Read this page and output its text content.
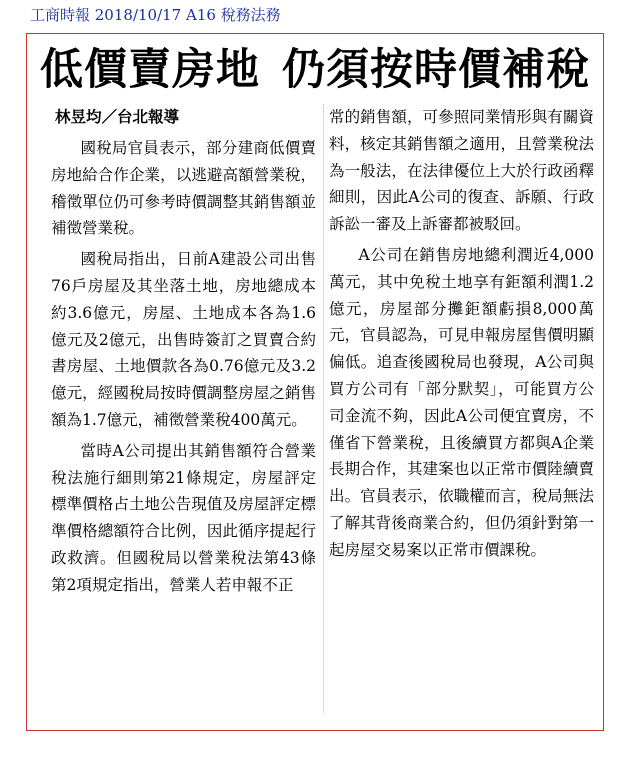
工商時報 2018/10/17 A16 稅務法務
低價賣房地 仍須按時價補稅
林昱均／台北報導

國稅局官員表示，部分建商低價賣房地給合作企業，以逃避高額營業稅，稽徵單位仍可參考時價調整其銷售額並補徵營業稅。

國稅局指出，日前A建設公司出售76戶房屋及其坐落土地，房地總成本約3.6億元，房屋、土地成本各為1.6億元及2億元，出售時簽訂之買賣合約書房屋、土地價款各為0.76億元及3.2億元，經國稅局按時價調整房屋之銷售額為1.7億元，補徵營業稅400萬元。

當時A公司提出其銷售額符合營業稅法施行細則第21條規定，房屋評定標準價格占土地公告現值及房屋評定標準價格總額符合比例，因此循序提起行政救濟。但國稅局以營業稅法第43條第2項規定指出，營業人若申報不正

常的銷售額，可參照同業情形與有關資料，核定其銷售額之適用，且營業稅法為一般法，在法律優位上大於行政函釋細則，因此A公司的復查、訴願、行政訴訟一審及上訴審都被駁回。

A公司在銷售房地總利潤近4,000萬元，其中免稅土地享有鉅額利潤1.2億元，房屋部分攤鉅額虧損8,000萬元，官員認為，可見申報房屋售價明顯偏低。追查後國稅局也發現，A公司與買方公司有「部分默契」，可能買方公司金流不夠，因此A公司便宜賣房，不僅省下營業稅，且後續買方都與A企業長期合作，其建案也以正常市價陸續賣出。官員表示，依職權而言，稅局無法了解其背後商業合約，但仍須針對第一起房屋交易案以正常市價課稅。
